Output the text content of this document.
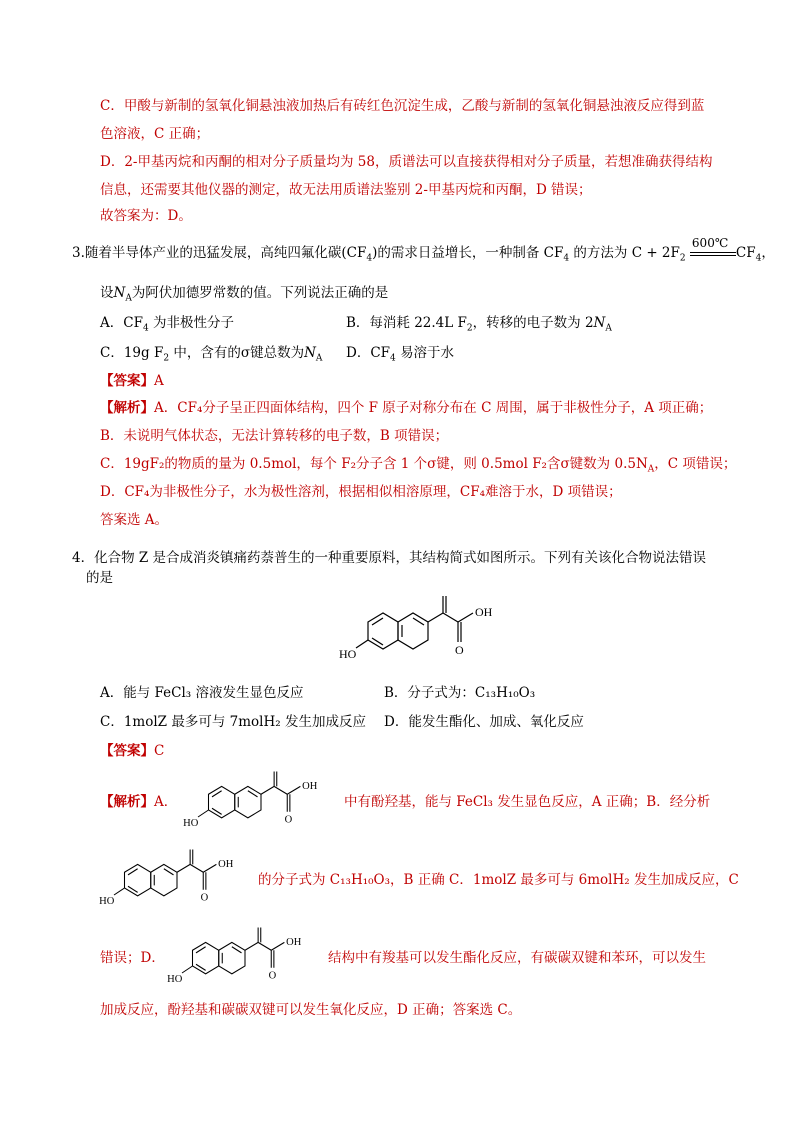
C．甲酸与新制的氢氧化铜悬浊液加热后有砖红色沉淀生成，乙酸与新制的氢氧化铜悬浊液反应得到蓝
色溶液，C 正确；
D．2-甲基丙烷和丙酮的相对分子质量均为 58，质谱法可以直接获得相对分子质量，若想准确获得结构
信息，还需要其他仪器的测定，故无法用质谱法鉴别 2-甲基丙烷和丙酮，D 错误；
故答案为：D。
3.随着半导体产业的迅猛发展，高纯四氟化碳$(CF_4)$的需求日益增长，一种制备 $CF_4$ 的方法为 $C + 2F_2$
600℃
$CF_4$，
设$N_A$为阿伏加德罗常数的值。下列说法正确的是
A．$CF_4$ 为非极性分子	B．每消耗 22.4L $F_2$，转移的电子数为 $2N_A$
C．19g $F_2$ 中，含有的σ键总数为$N_A$ D．$CF_4$ 易溶于水
【答案】A
【解析】A．CF₄分子呈正四面体结构，四个 F 原子对称分布在 C 周围，属于非极性分子，A 项正确；
B．未说明气体状态，无法计算转移的电子数，B 项错误；
C．19gF₂的物质的量为 0.5mol，每个 F₂分子含 1 个σ键，则 0.5mol F₂含σ键数为 $0.5N_A$，C 项错误；
D．CF₄为非极性分子，水为极性溶剂，根据相似相溶原理，CF₄难溶于水，D 项错误；
答案选 A。
4．化合物 Z 是合成消炎镇痛药萘普生的一种重要原料，其结构简式如图所示。下列有关该化合物说法错误
的是
HO
OH
O
A．能与 FeCl₃ 溶液发生显色反应	B．分子式为：C₁₃H₁₀O₃
C．1molZ 最多可与 7molH₂ 发生加成反应 D．能发生酯化、加成、氧化反应
【答案】C
【解析】A．
HO
OH
O
中有酚羟基，能与 FeCl₃ 发生显色反应，A 正确；B．经分析
HO
OH
O
的分子式为 C₁₃H₁₀O₃，B 正确 C．1molZ 最多可与 6molH₂ 发生加成反应，C
错误；D．
HO
OH
O
结构中有羧基可以发生酯化反应，有碳碳双键和苯环，可以发生
加成反应，酚羟基和碳碳双键可以发生氧化反应，D 正确；答案选 C。
